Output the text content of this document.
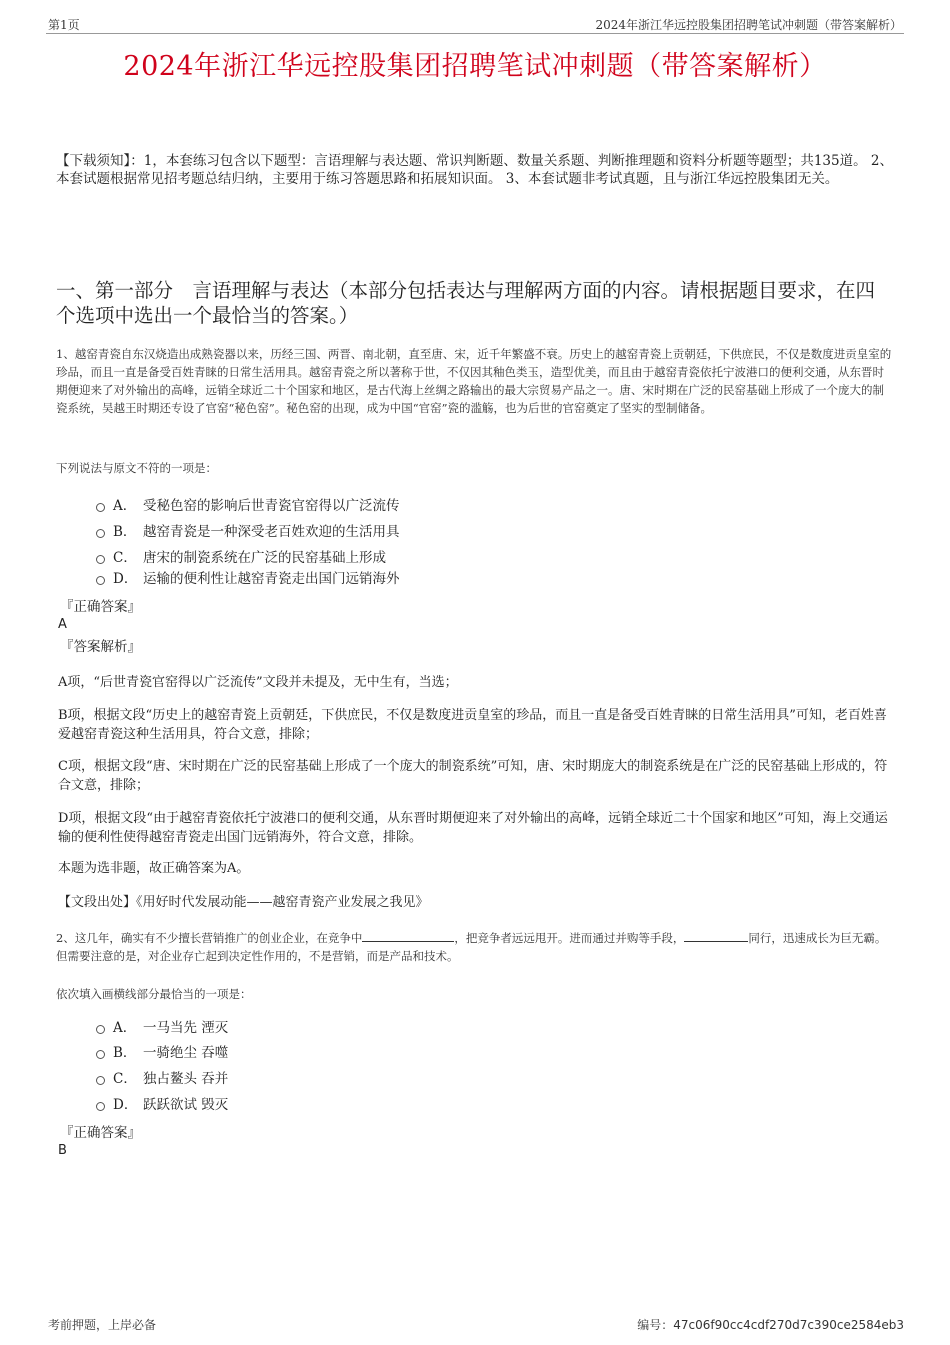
第1页	2024年浙江华远控股集团招聘笔试冲刺题（带答案解析）
2024年浙江华远控股集团招聘笔试冲刺题（带答案解析）
【下载须知】：1，本套练习包含以下题型：言语理解与表达题、常识判断题、数量关系题、判断推理题和资料分析题等题型；共135道。 2、本套试题根据常见招考题总结归纳，主要用于练习答题思路和拓展知识面。 3、本套试题非考试真题，且与浙江华远控股集团无关。
一、第一部分　言语理解与表达（本部分包括表达与理解两方面的内容。请根据题目要求，在四个选项中选出一个最恰当的答案。）
1、越窑青瓷自东汉烧造出成熟瓷器以来，历经三国、两晋、南北朝，直至唐、宋，近千年繁盛不衰。历史上的越窑青瓷上贡朝廷，下供庶民，不仅是数度进贡皇室的珍品，而且一直是备受百姓青睐的日常生活用具。越窑青瓷之所以著称于世，不仅因其釉色类玉，造型优美，而且由于越窑青瓷依托宁波港口的便利交通，从东晋时期便迎来了对外输出的高峰，远销全球近二十个国家和地区，是古代海上丝绸之路输出的最大宗贸易产品之一。唐、宋时期在广泛的民窑基础上形成了一个庞大的制瓷系统，吴越王时期还专设了官窑“秘色窑”。秘色窑的出现，成为中国“官窑”瓷的滥觞，也为后世的官窑奠定了坚实的型制储备。
下列说法与原文不符的一项是：
A． 受秘色窑的影响后世青瓷官窑得以广泛流传
B． 越窑青瓷是一种深受老百姓欢迎的生活用具
C． 唐宋的制瓷系统在广泛的民窑基础上形成
D． 运输的便利性让越窑青瓷走出国门远销海外
『正确答案』
A
『答案解析』
A项，“后世青瓷官窑得以广泛流传”文段并未提及，无中生有，当选；
B项，根据文段“历史上的越窑青瓷上贡朝廷，下供庶民，不仅是数度进贡皇室的珍品，而且一直是备受百姓青睐的日常生活用具”可知，老百姓喜爱越窑青瓷这种生活用具，符合文意，排除；
C项，根据文段“唐、宋时期在广泛的民窑基础上形成了一个庞大的制瓷系统”可知，唐、宋时期庞大的制瓷系统是在广泛的民窑基础上形成的，符合文意，排除；
D项，根据文段“由于越窑青瓷依托宁波港口的便利交通，从东晋时期便迎来了对外输出的高峰，远销全球近二十个国家和地区”可知，海上交通运输的便利性使得越窑青瓷走出国门远销海外，符合文意，排除。
本题为选非题，故正确答案为A。
【文段出处】《用好时代发展动能——越窑青瓷产业发展之我见》
2、这几年，确实有不少擅长营销推广的创业企业，在竞争中	，把竞争者远远甩开。进而通过并购等手段，	同行，迅速成长为巨无霸。但需要注意的是，对企业存亡起到决定性作用的，不是营销，而是产品和技术。
依次填入画横线部分最恰当的一项是：
A． 一马当先 湮灭
B． 一骑绝尘 吞噬
C． 独占鳌头 吞并
D． 跃跃欲试 毁灭
『正确答案』
B
考前押题，上岸必备	编号：47c06f90cc4cdf270d7c390ce2584eb3
